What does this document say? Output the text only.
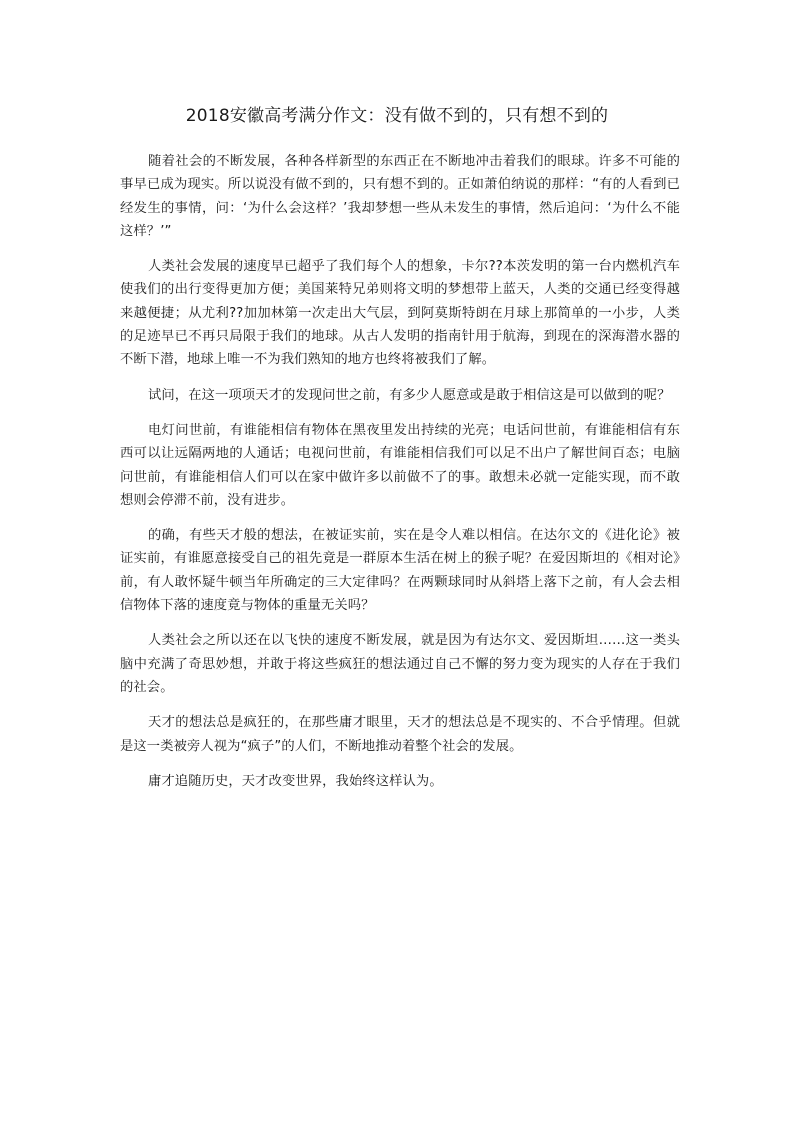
2018安徽高考满分作文：没有做不到的，只有想不到的

随着社会的不断发展，各种各样新型的东西正在不断地冲击着我们的眼球。许多不可能的事早已成为现实。所以说没有做不到的，只有想不到的。正如萧伯纳说的那样：“有的人看到已经发生的事情，问：‘为什么会这样？’我却梦想一些从未发生的事情，然后追问：‘为什么不能这样？’”

人类社会发展的速度早已超乎了我们每个人的想象，卡尔??本茨发明的第一台内燃机汽车使我们的出行变得更加方便；美国莱特兄弟则将文明的梦想带上蓝天，人类的交通已经变得越来越便捷；从尤利??加加林第一次走出大气层，到阿莫斯特朗在月球上那简单的一小步，人类的足迹早已不再只局限于我们的地球。从古人发明的指南针用于航海，到现在的深海潜水器的不断下潜，地球上唯一不为我们熟知的地方也终将被我们了解。

试问，在这一项项天才的发现问世之前，有多少人愿意或是敢于相信这是可以做到的呢？

电灯问世前，有谁能相信有物体在黑夜里发出持续的光亮；电话问世前，有谁能相信有东西可以让远隔两地的人通话；电视问世前，有谁能相信我们可以足不出户了解世间百态；电脑问世前，有谁能相信人们可以在家中做许多以前做不了的事。敢想未必就一定能实现，而不敢想则会停滞不前，没有进步。

的确，有些天才般的想法，在被证实前，实在是令人难以相信。在达尔文的《进化论》被证实前，有谁愿意接受自己的祖先竟是一群原本生活在树上的猴子呢？在爱因斯坦的《相对论》前，有人敢怀疑牛顿当年所确定的三大定律吗？在两颗球同时从斜塔上落下之前，有人会去相信物体下落的速度竟与物体的重量无关吗？

人类社会之所以还在以飞快的速度不断发展，就是因为有达尔文、爱因斯坦……这一类头脑中充满了奇思妙想，并敢于将这些疯狂的想法通过自己不懈的努力变为现实的人存在于我们的社会。

天才的想法总是疯狂的，在那些庸才眼里，天才的想法总是不现实的、不合乎情理。但就是这一类被旁人视为“疯子”的人们，不断地推动着整个社会的发展。

庸才追随历史，天才改变世界，我始终这样认为。
